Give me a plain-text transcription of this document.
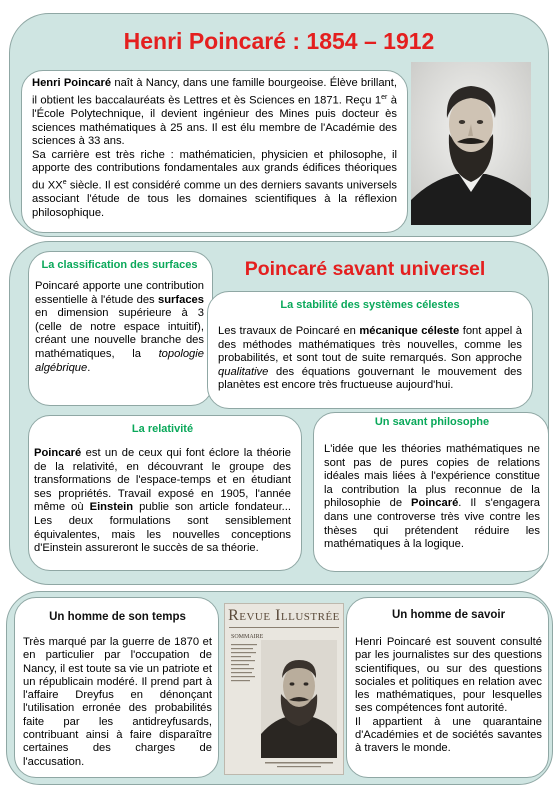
Henri Poincaré : 1854 – 1912

Henri Poincaré naît à Nancy, dans une famille bourgeoise. Élève brillant, il obtient les baccalauréats ès Lettres et ès Sciences en 1871. Reçu 1er à l'École Polytechnique, il devient ingénieur des Mines puis docteur ès sciences mathématiques à 25 ans. Il est élu membre de l'Académie des sciences à 33 ans.

Sa carrière est très riche : mathématicien, physicien et philosophe, il apporte des contributions fondamentales aux grands édifices théoriques du XXe siècle. Il est considéré comme un des derniers savants universels associant l'étude de tous les domaines scientifiques à la réflexion philosophique.

Poincaré savant universel

La classification des surfaces

Poincaré apporte une contribution essentielle à l'étude des surfaces en dimension supérieure à 3 (celle de notre espace intuitif), créant une nouvelle branche des mathématiques, la topologie algébrique.

La stabilité des systèmes célestes

Les travaux de Poincaré en mécanique céleste font appel à des méthodes mathématiques très nouvelles, comme les probabilités, et sont tout de suite remarqués. Son approche qualitative des équations gouvernant le mouvement des planètes est encore très fructueuse aujourd'hui.

La relativité

Poincaré est un de ceux qui font éclore la théorie de la relativité, en découvrant le groupe des transformations de l'espace-temps et en étudiant ses propriétés. Travail exposé en 1905, l'année même où Einstein publie son article fondateur... Les deux formulations sont sensiblement équivalentes, mais les nouvelles conceptions d'Einstein assureront le succès de sa théorie.

Un savant philosophe

L'idée que les théories mathématiques ne sont pas de pures copies de relations idéales mais liées à l'expérience constitue la contribution la plus reconnue de la philosophie de Poincaré. Il s'engagera dans une controverse très vive contre les thèses qui prétendent réduire les mathématiques à la logique.

Un homme de son temps

Très marqué par la guerre de 1870 et en particulier par l'occupation de Nancy, il est toute sa vie un patriote et un républicain modéré. Il prend part à l'affaire Dreyfus en dénonçant l'utilisation erronée des probabilités faite par les antidreyfusards, contribuant ainsi à faire disparaître certaines des charges de l'accusation.

Revue Illustrée
SOMMAIRE

Un homme de savoir

Henri Poincaré est souvent consulté par les journalistes sur des questions scientifiques, ou sur des questions sociales et politiques en relation avec les mathématiques, pour lesquelles ses compétences font autorité.

Il appartient à une quarantaine d'Académies et de sociétés savantes à travers le monde.
